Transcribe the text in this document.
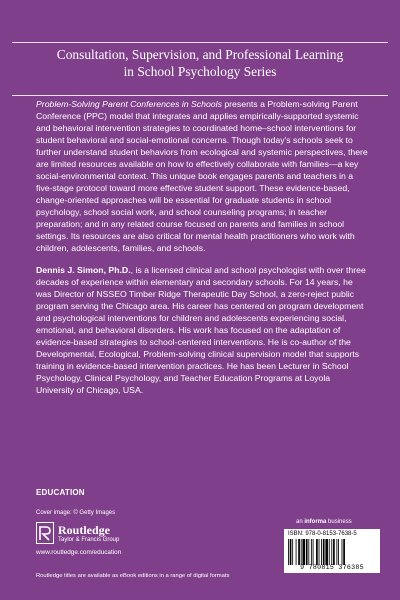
Consultation, Supervision, and Professional Learning
in School Psychology Series

Problem-Solving Parent Conferences in Schools presents a Problem-solving Parent Conference (PPC) model that integrates and applies empirically-supported systemic and behavioral intervention strategies to coordinated home–school interventions for student behavioral and social-emotional concerns. Though today's schools seek to further understand student behaviors from ecological and systemic perspectives, there are limited resources available on how to effectively collaborate with families—a key social-environmental context. This unique book engages parents and teachers in a five-stage protocol toward more effective student support. These evidence-based, change-oriented approaches will be essential for graduate students in school psychology, school social work, and school counseling programs; in teacher preparation; and in any related course focused on parents and families in school settings. Its resources are also critical for mental health practitioners who work with children, adolescents, families, and schools.

Dennis J. Simon, Ph.D., is a licensed clinical and school psychologist with over three decades of experience within elementary and secondary schools. For 14 years, he was Director of NSSEO Timber Ridge Therapeutic Day School, a zero-reject public program serving the Chicago area. His career has centered on program development and psychological interventions for children and adolescents experiencing social, emotional, and behavioral disorders. His work has focused on the adaptation of evidence-based strategies to school-centered interventions. He is co-author of the Developmental, Ecological, Problem-solving clinical supervision model that supports training in evidence-based intervention practices. He has been Lecturer in School Psychology, Clinical Psychology, and Teacher Education Programs at Loyola University of Chicago, USA.

EDUCATION
Cover image: © Getty Images
Routledge
Taylor & Francis Group
www.routledge.com/education
Routledge titles are available as eBook editions in a range of digital formats
an informa business
ISBN: 978-0-8153-7638-5
9 780815 376385
